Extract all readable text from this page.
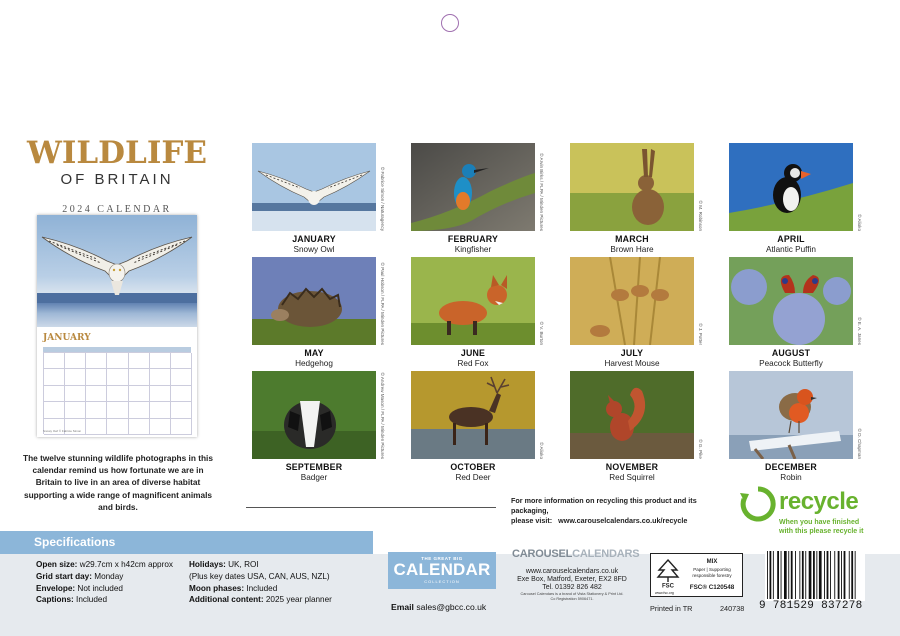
WILDLIFE
OF BRITAIN
2024 CALENDAR
JANUARY
Snowy Owl © Fabrice Simon
The twelve stunning wildlife photographs in this calendar remind us how fortunate we are in Britain to live in an area of diverse habitat supporting a wide range of magnificent animals and birds.
© Fabrice Simon / Naturagency
JANUARY
Snowy Owl
© Arvin Birks / FLPA / Minden Pictures
FEBRUARY
Kingfisher
© M. Robinson
MARCH
Brown Hare
© Alioko
APRIL
Atlantic Puffin
© Paul Hobson / FLPA / Minden Pictures
MAY
Hedgehog
© V. Burton
JUNE
Red Fox
© J. Potter
JULY
Harvest Mouse
© E. A. Janes
AUGUST
Peacock Butterfly
© Andrew Mason / FLPA / Minden Pictures
SEPTEMBER
Badger
© Alioko
OCTOBER
Red Deer
© G. Pike
NOVEMBER
Red Squirrel
© D. Chapman
DECEMBER
Robin
For more information on recycling this product and its packaging,
please visit: www.carouselcalendars.co.uk/recycle
recycle
When you have finished
with this please recycle it
Specifications
Open size: w29.7cm x h42cm approx
Grid start day: Monday
Envelope: Not included
Captions: Included
Holidays: UK, ROI
(Plus key dates USA, CAN, AUS, NZL)
Moon phases: Included
Additional content: 2025 year planner
THE GREAT BIG
CALENDAR
COLLECTION
Email sales@gbcc.co.uk
CAROUSELCALENDARS
www.carouselcalendars.co.uk
Exe Box, Matford, Exeter, EX2 8FD
Tel. 01392 826 482
Carousel Calendars is a brand of Vista Stationery & Print Ltd.
Co Registration 5906471.
FSC
MIX
Paper | Supporting
responsible forestry
FSC® C120548
www.fsc.org
Printed in TR	240738 9 781529 837278
